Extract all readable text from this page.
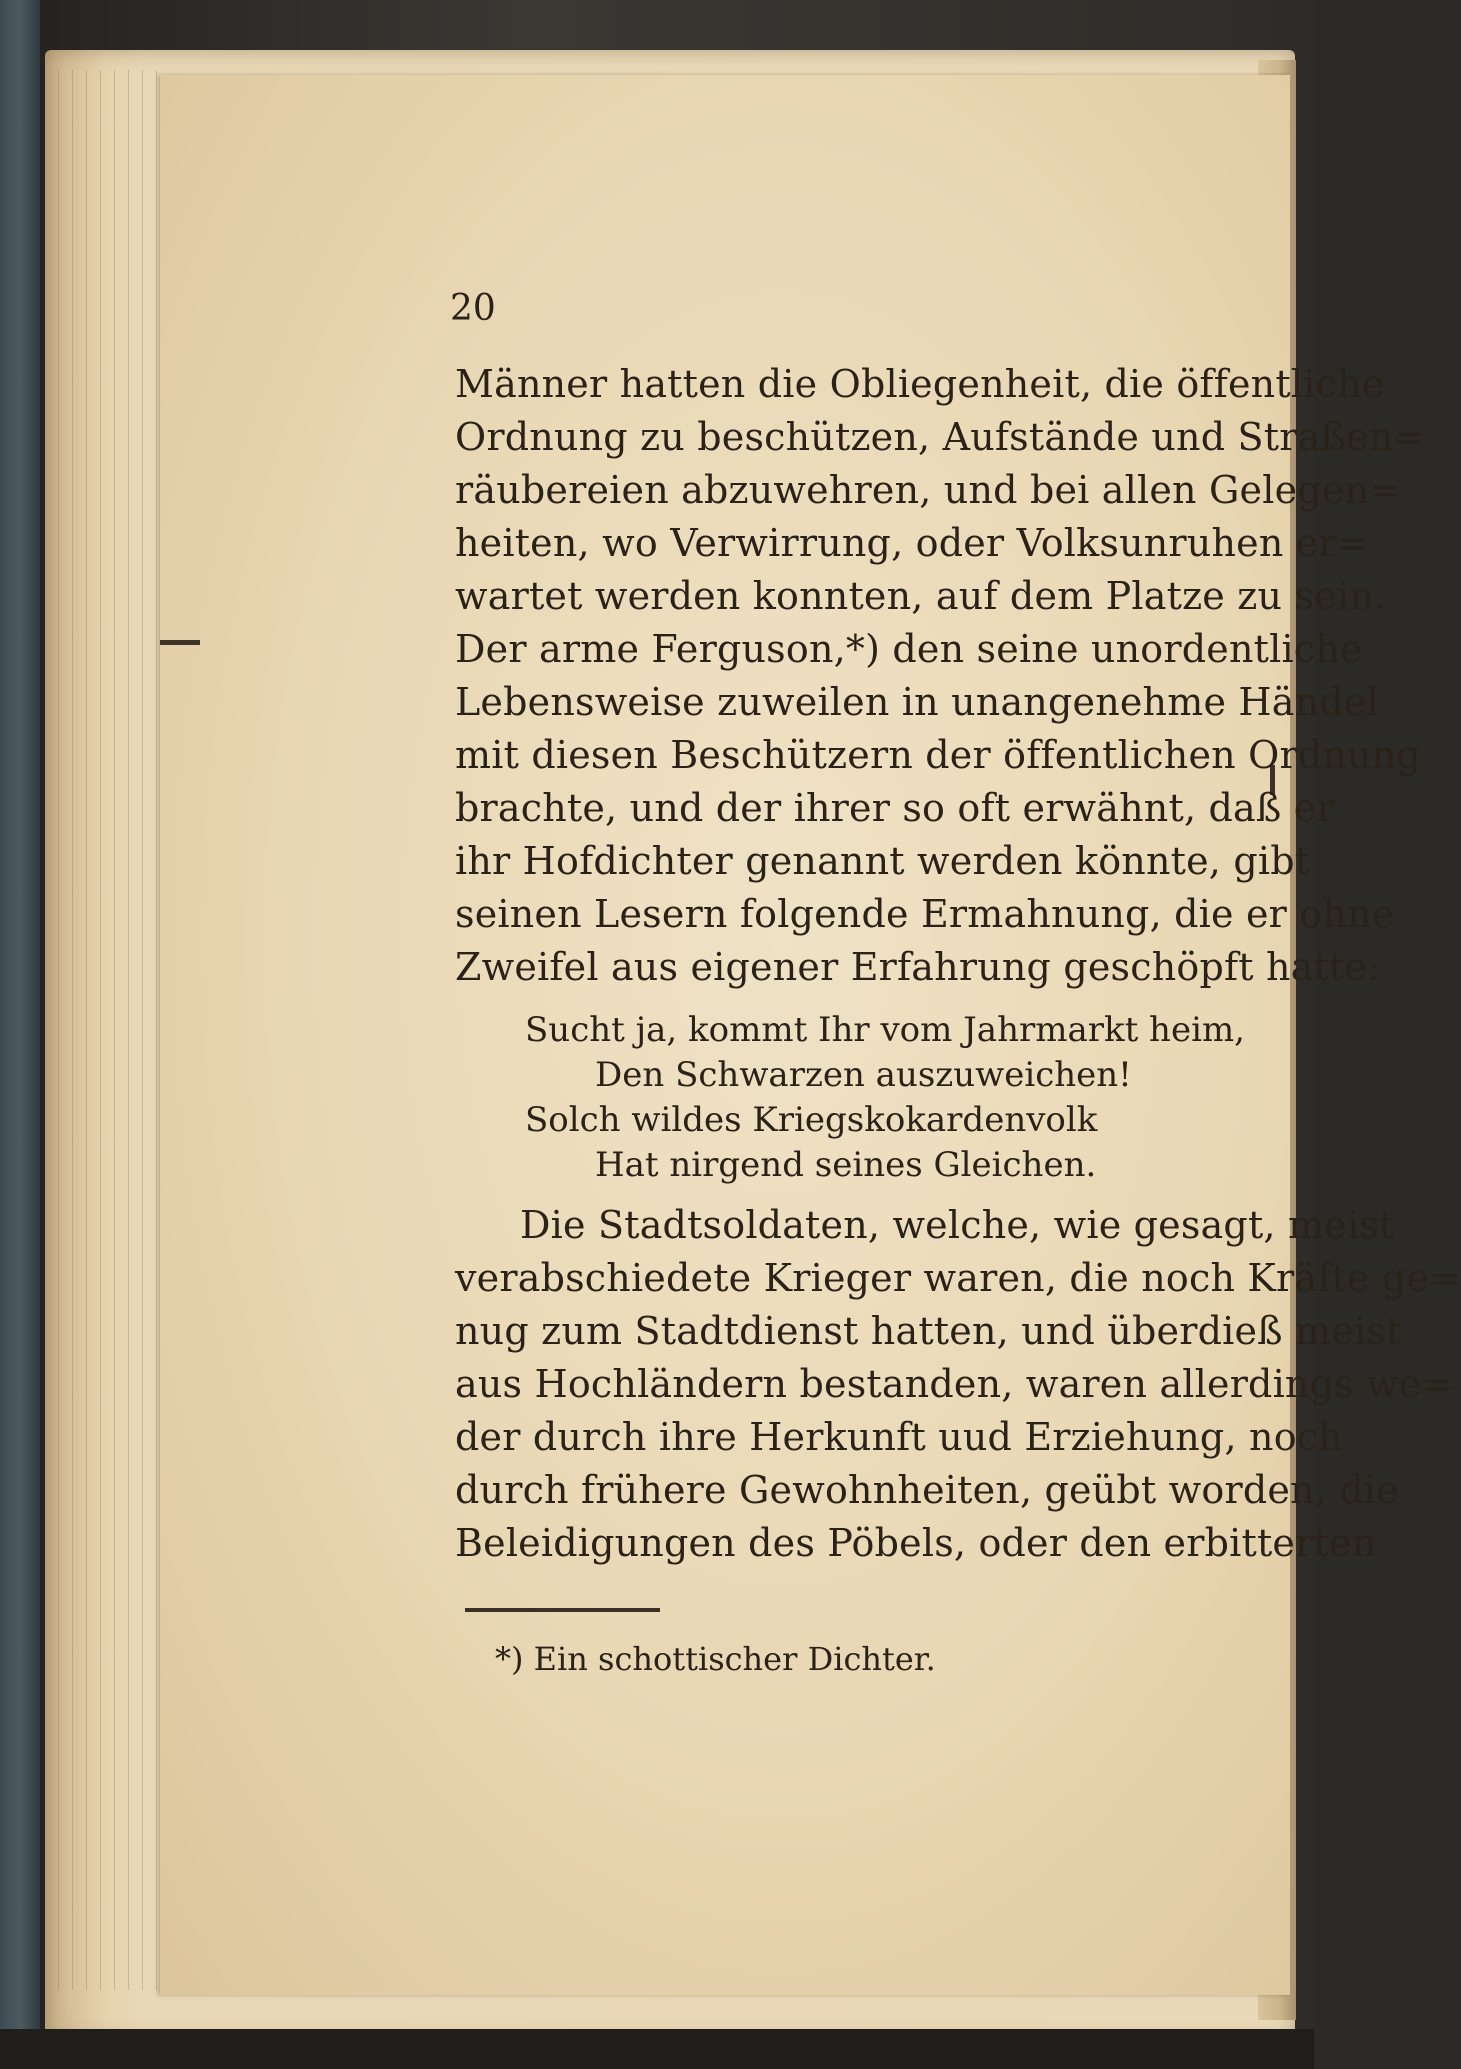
20
Männer hatten die Obliegenheit, die öffentliche
Ordnung zu beschützen, Aufstände und Straßen=
räubereien abzuwehren, und bei allen Gelegen=
heiten, wo Verwirrung, oder Volksunruhen er=
wartet werden konnten, auf dem Platze zu sein.
Der arme Ferguson,*) den seine unordentliche
Lebensweise zuweilen in unangenehme Händel
mit diesen Beschützern der öffentlichen Ordnung
brachte, und der ihrer so oft erwähnt, daß er
ihr Hofdichter genannt werden könnte, gibt
seinen Lesern folgende Ermahnung, die er ohne
Zweifel aus eigener Erfahrung geschöpft hatte:
Sucht ja, kommt Ihr vom Jahrmarkt heim,
Den Schwarzen auszuweichen!
Solch wildes Kriegskokardenvolk
Hat nirgend seines Gleichen.
Die Stadtsoldaten, welche, wie gesagt, meist
verabschiedete Krieger waren, die noch Kräfte ge=
nug zum Stadtdienst hatten, und überdieß meist
aus Hochländern bestanden, waren allerdings we=
der durch ihre Herkunft uud Erziehung, noch
durch frühere Gewohnheiten, geübt worden, die
Beleidigungen des Pöbels, oder den erbitterten
*) Ein schottischer Dichter.
